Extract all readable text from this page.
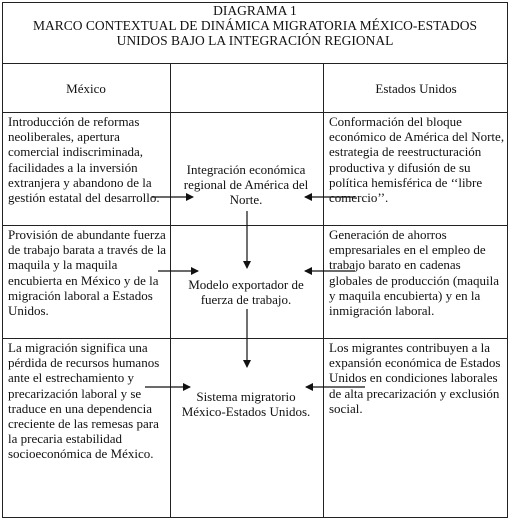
DIAGRAMA 1
MARCO CONTEXTUAL DE DINÁMICA MIGRATORIA MÉXICO-ESTADOS
UNIDOS BAJO LA INTEGRACIÓN REGIONAL
México	Estados Unidos
Introducción de reformas neoliberales, apertura comercial indiscriminada, facilidades a la inversión extranjera y abandono de la gestión estatal del desarrollo.
Integración económica regional de América del Norte.
Conformación del bloque económico de América del Norte, estrategia de reestructuración productiva y difusión de su política hemisférica de ‘‘libre comercio’’.
Provisión de abundante fuerza de trabajo barata a través de la maquila y la maquila encubierta en México y de la migración laboral a Estados Unidos.
Modelo exportador de fuerza de trabajo.
Generación de ahorros empresariales en el empleo de trabajo barato en cadenas globales de producción (maquila y maquila encubierta) y en la inmigración laboral.
La migración significa una pérdida de recursos humanos ante el estrechamiento y precarización laboral y se traduce en una dependencia creciente de las remesas para la precaria estabilidad socioeconómica de México.
Sistema migratorio México-Estados Unidos.
Los migrantes contribuyen a la expansión económica de Estados Unidos en condiciones laborales de alta precarización y exclusión social.
